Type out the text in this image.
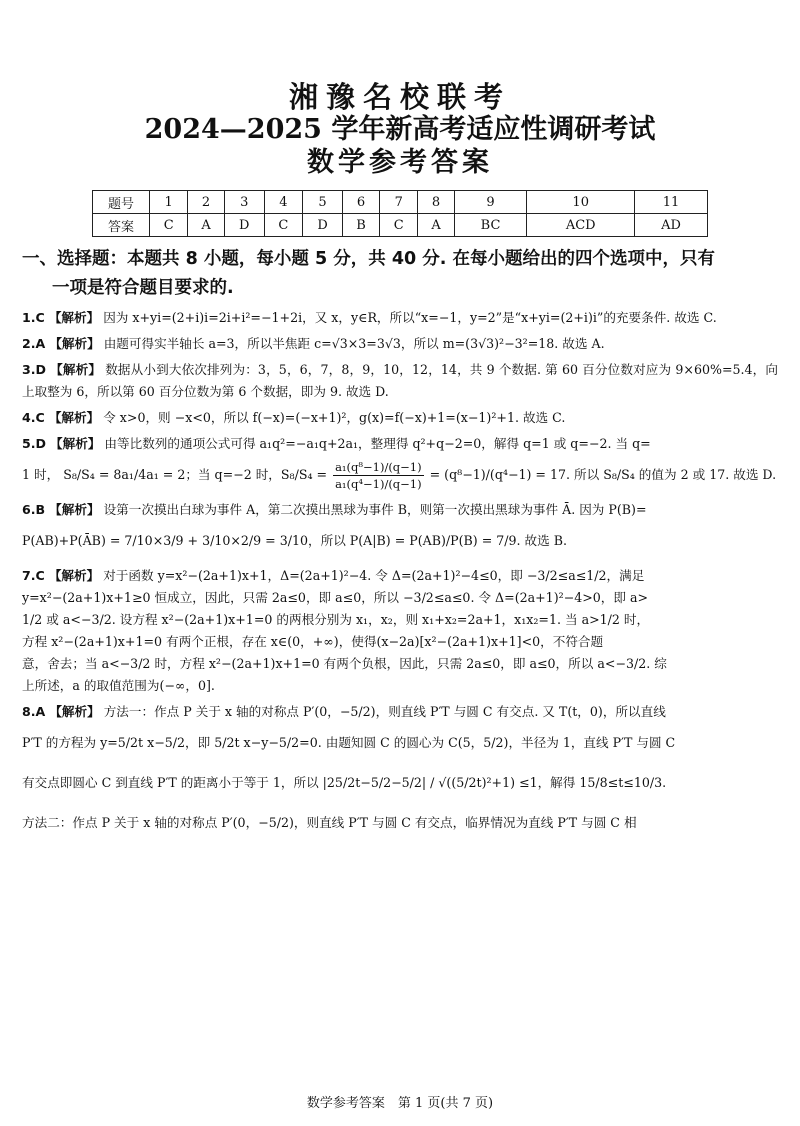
湘豫名校联考
2024—2025 学年新高考适应性调研考试
数学参考答案
题号	1	2	3	4	5	6	7	8	9	10	11
答案	C	A	D	C	D	B	C	A	BC	ACD	AD
一、选择题：本题共 8 小题，每小题 5 分，共 40 分. 在每小题给出的四个选项中，只有
一项是符合题目要求的.
1.C 【解析】 因为 x+yi=(2+i)i=2i+i²=−1+2i，又 x，y∈R，所以“x=−1，y=2”是“x+yi=(2+i)i”的充要条件. 故选 C.
2.A 【解析】 由题可得实半轴长 a=3，所以半焦距 c=√3×3=3√3，所以 m=(3√3)²−3²=18. 故选 A.
3.D 【解析】 数据从小到大依次排列为：3，5，6，7，8，9，10，12，14，共 9 个数据. 第 60 百分位数对应为 9×60%=5.4，向上取整为 6，所以第 60 百分位数为第 6 个数据，即为 9. 故选 D.
4.C 【解析】 令 x>0，则 −x<0，所以 f(−x)=(−x+1)²，g(x)=f(−x)+1=(x−1)²+1. 故选 C.
5.D 【解析】 由等比数列的通项公式可得 a₁q²=−a₁q+2a₁，整理得 q²+q−2=0，解得 q=1 或 q=−2. 当 q=
1 时， S₈/S₄ = 8a₁/4a₁ = 2；当 q=−2 时，$S_8/S_4 = \frac{\text{a₁(q⁸−1)/(q−1)}}{\text{a₁(q⁴−1)/(q−1)}} = (q^8-1)/(q^4-1) = 17$. 所以 S₈/S₄ 的值为 2 或 17. 故选 D.
6.B 【解析】 设第一次摸出白球为事件 A，第二次摸出黑球为事件 B，则第一次摸出黑球为事件 Ā. 因为 P(B)=
P(AB)+P(ĀB) = 7/10×3/9 + 3/10×2/9 = 3/10，所以 P(A|B) = P(AB)/P(B) = 7/9. 故选 B.
7.C 【解析】 对于函数 y=x²−(2a+1)x+1，Δ=(2a+1)²−4. 令 Δ=(2a+1)²−4≤0，即 −3/2≤a≤1/2，满足
y=x²−(2a+1)x+1≥0 恒成立，因此，只需 2a≤0，即 a≤0，所以 −3/2≤a≤0. 令 Δ=(2a+1)²−4>0，即 a>
1/2 或 a<−3/2. 设方程 x²−(2a+1)x+1=0 的两根分别为 x₁，x₂，则 x₁+x₂=2a+1，x₁x₂=1. 当 a>1/2 时，
方程 x²−(2a+1)x+1=0 有两个正根，存在 x∈(0，+∞)，使得(x−2a)[x²−(2a+1)x+1]<0，不符合题
意，舍去；当 a<−3/2 时，方程 x²−(2a+1)x+1=0 有两个负根，因此，只需 2a≤0，即 a≤0，所以 a<−3/2. 综
上所述，a 的取值范围为(−∞，0].
8.A 【解析】 方法一：作点 P 关于 x 轴的对称点 P′(0，−5/2)，则直线 P′T 与圆 C 有交点. 又 T(t，0)，所以直线
P′T 的方程为 y=5/2t x−5/2，即 5/2t x−y−5/2=0. 由题知圆 C 的圆心为 C(5，5/2)，半径为 1，直线 P′T 与圆 C
有交点即圆心 C 到直线 P′T 的距离小于等于 1，所以 |25/2t−5/2−5/2| / √((5/2t)²+1) ≤1，解得 15/8≤t≤10/3.
方法二：作点 P 关于 x 轴的对称点 P′(0，−5/2)，则直线 P′T 与圆 C 有交点，临界情况为直线 P′T 与圆 C 相
数学参考答案　第 1 页(共 7 页)
